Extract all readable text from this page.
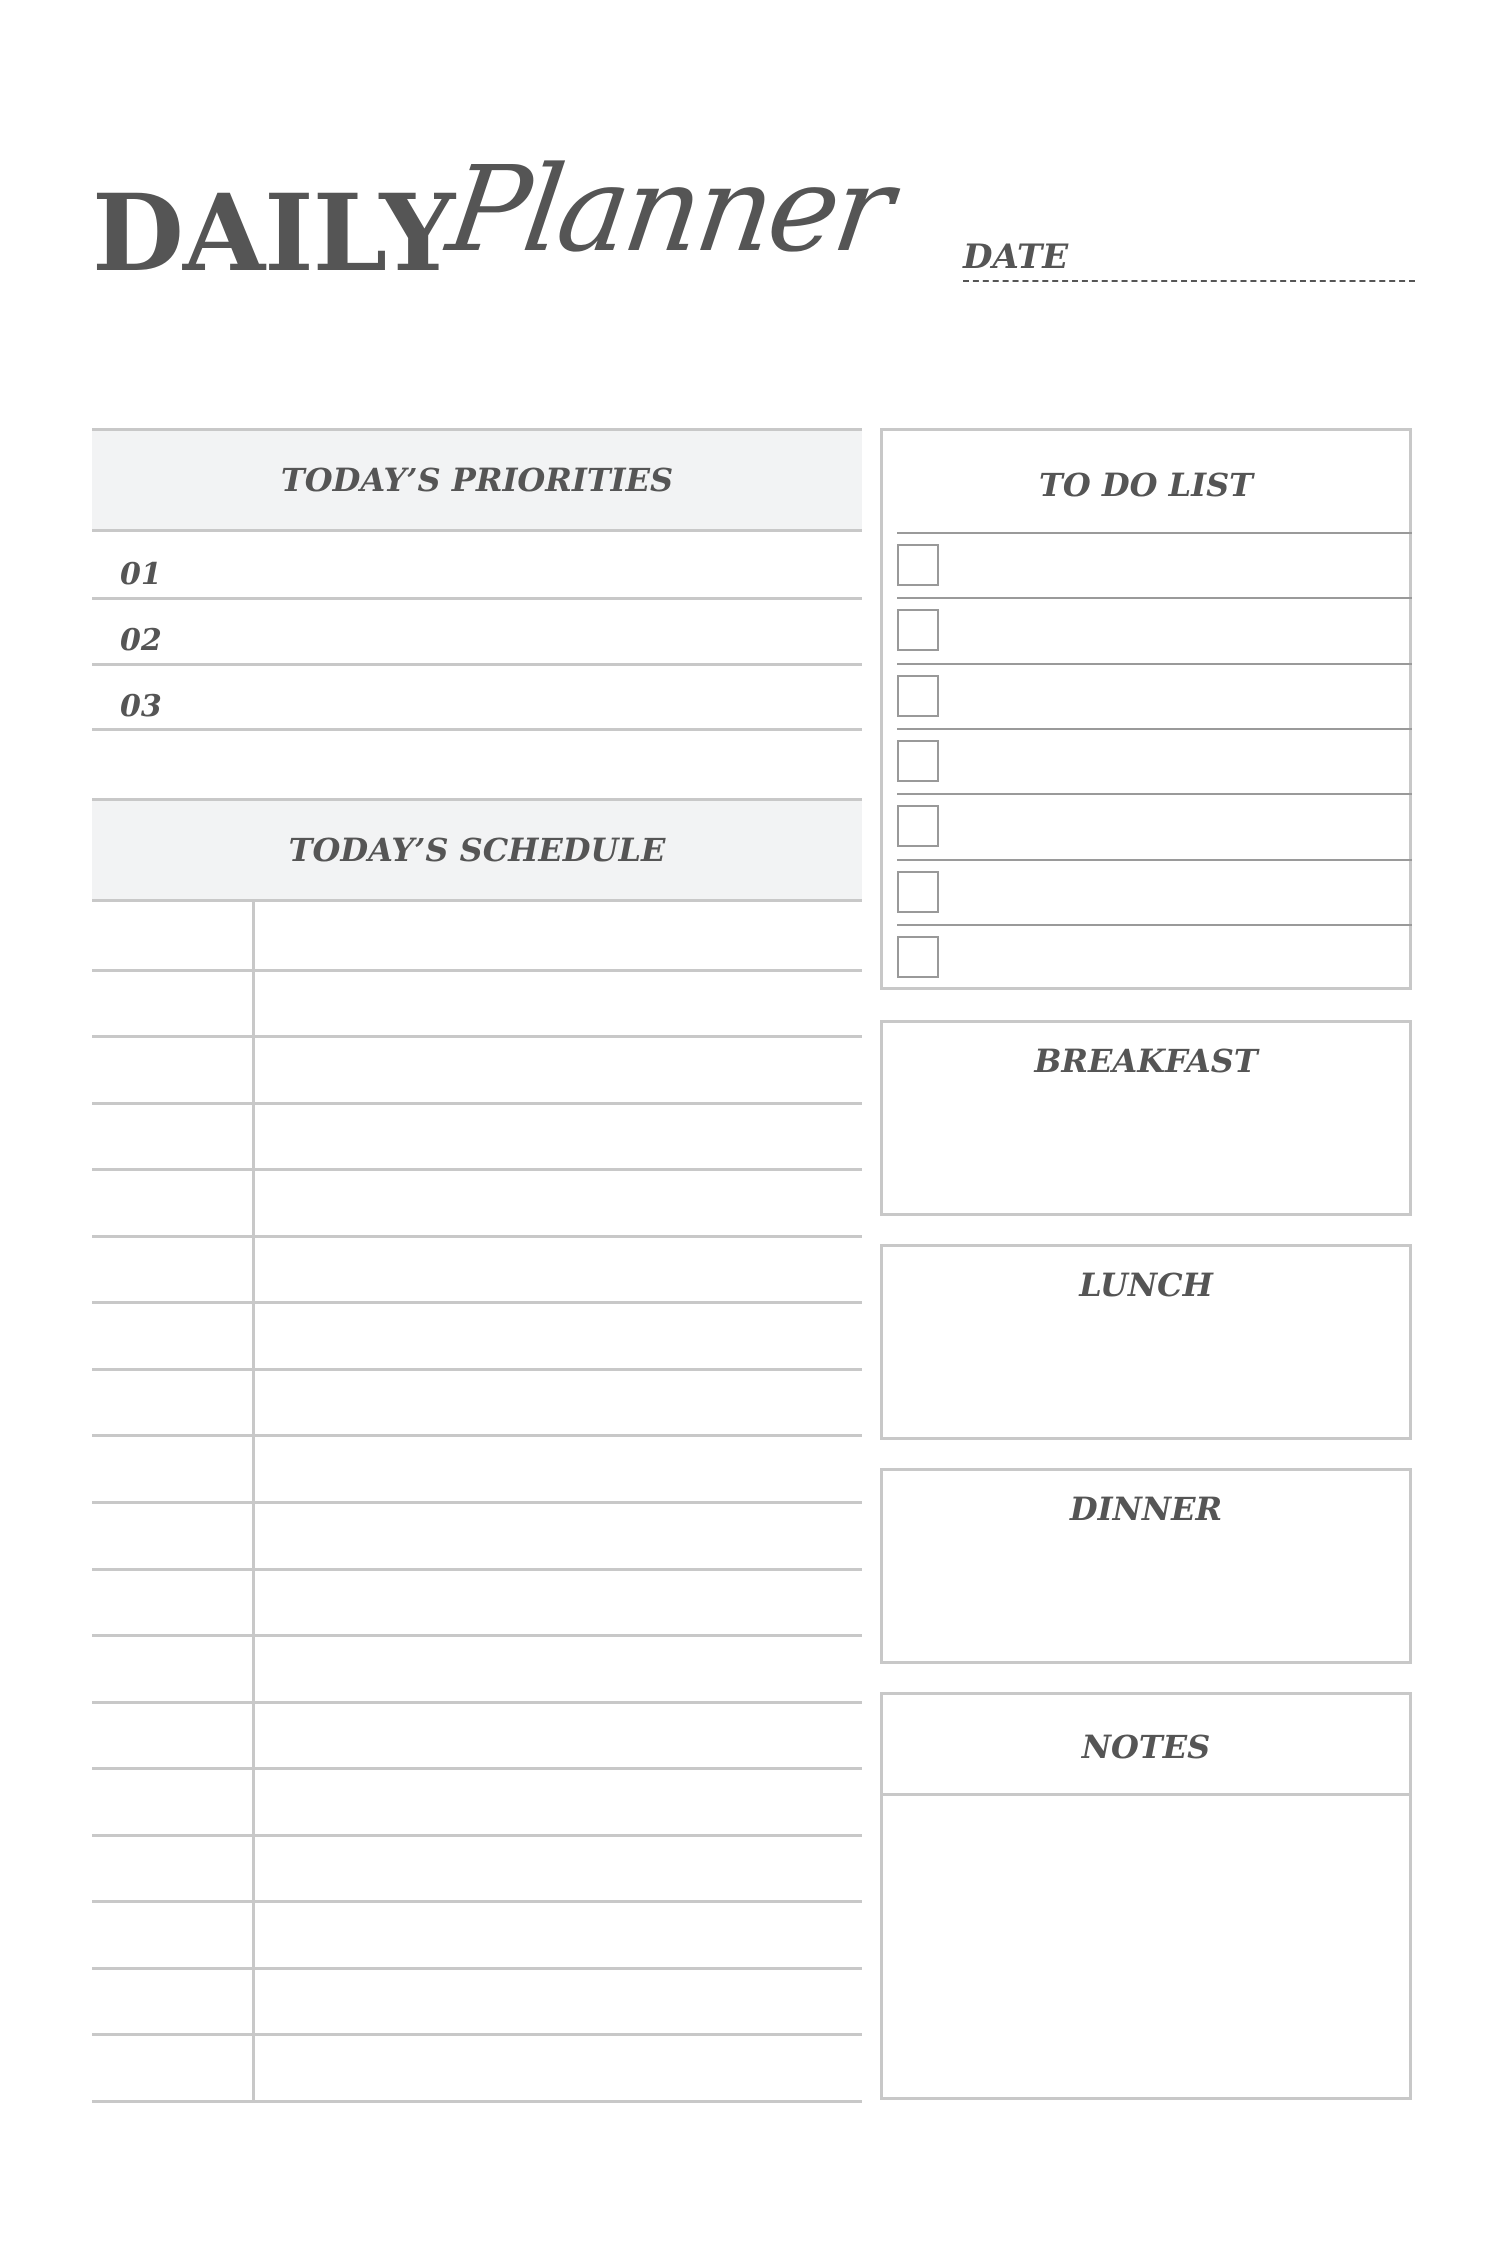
DAILY
Planner DATE
TODAY’S PRIORITIES
01
02
03
TODAY’S SCHEDULE
TO DO LIST
BREAKFAST
LUNCH
DINNER
NOTES
